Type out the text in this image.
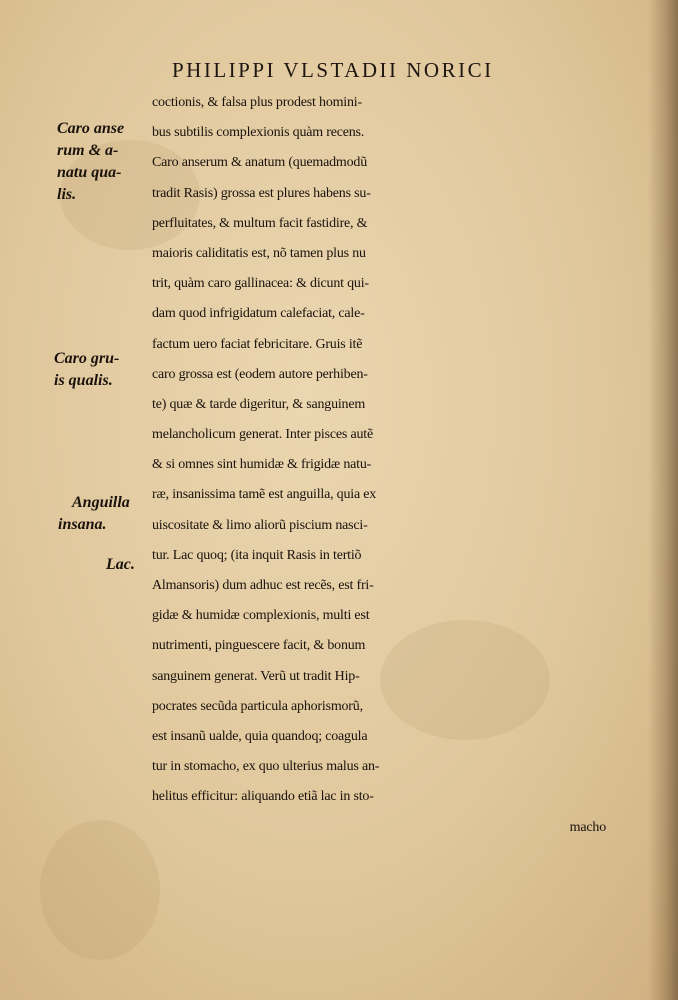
PHILIPPI VLSTADII NORICI
Caro anse
rum & a-
natu qua-
lis.
Caro gru-
is qualis.
Anguilla
insana.
Lac.
coctionis, & falsa plus prodest homini-
bus subtilis complexionis quàm recens.
Caro anserum & anatum (quemadmodũ
tradit Rasis) grossa est plures habens su-
perfluitates, & multum facit fastidire, &
maioris caliditatis est, nõ tamen plus nu
trit, quàm caro gallinacea: & dicunt qui-
dam quod infrigidatum calefaciat, cale-
factum uero faciat febricitare. Gruis itẽ
caro grossa est (eodem autore perhiben-
te) quæ & tarde digeritur, & sanguinem
melancholicum generat. Inter pisces autẽ
& si omnes sint humidæ & frigidæ natu-
ræ, insanissima tamẽ est anguilla, quia ex
uiscositate & limo aliorũ piscium nasci-
tur. Lac quoq; (ita inquit Rasis in tertiõ
Almansoris) dum adhuc est recẽs, est fri-
gidæ & humidæ complexionis, multi est
nutrimenti, pinguescere facit, & bonum
sanguinem generat. Verũ ut tradit Hip-
pocrates secũda particula aphorismorũ,
est insanũ ualde, quia quandoq; coagula
tur in stomacho, ex quo ulterius malus an-
helitus efficitur: aliquando etiã lac in sto-
macho
